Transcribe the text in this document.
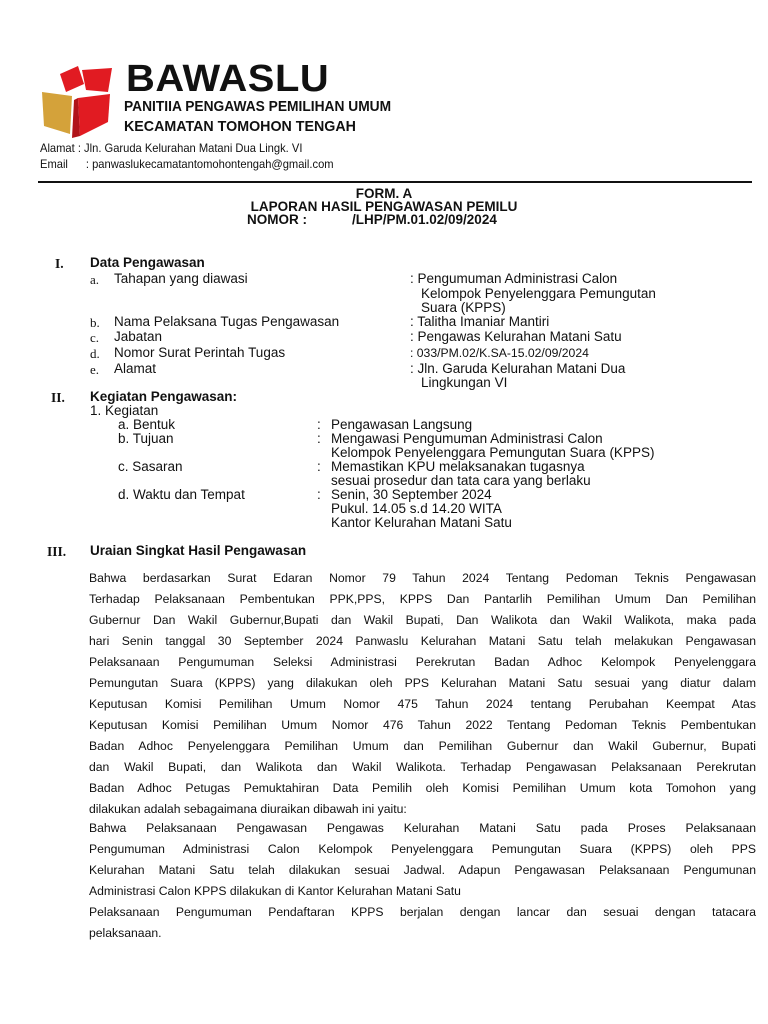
BAWASLU
PANITIIA PENGAWAS PEMILIHAN UMUM
KECAMATAN TOMOHON TENGAH
Alamat : Jln. Garuda Kelurahan Matani Dua Lingk. VI
Email : panwaslukecamatantomohontengah@gmail.com
FORM. A
LAPORAN HASIL PENGAWASAN PEMILU
NOMOR :	/LHP/PM.01.02/09/2024
I. Data Pengawasan
a. Tahapan yang diawasi	: Pengumuman Administrasi Calon
Kelompok Penyelenggara Pemungutan
Suara (KPPS)
b. Nama Pelaksana Tugas Pengawasan	: Talitha Imaniar Mantiri
c. Jabatan	: Pengawas Kelurahan Matani Satu
d. Nomor Surat Perintah Tugas	: 033/PM.02/K.SA-15.02/09/2024
e. Alamat	: Jln. Garuda Kelurahan Matani Dua
Lingkungan VI
II. Kegiatan Pengawasan:
1. Kegiatan
a. Bentuk	: Pengawasan Langsung
b. Tujuan	: Mengawasi Pengumuman Administrasi Calon
Kelompok Penyelenggara Pemungutan Suara (KPPS)
c. Sasaran	: Memastikan KPU melaksanakan tugasnya
sesuai prosedur dan tata cara yang berlaku
d. Waktu dan Tempat	: Senin, 30 September 2024
Pukul. 14.05 s.d 14.20 WITA
Kantor Kelurahan Matani Satu
III. Uraian Singkat Hasil Pengawasan
Bahwa berdasarkan Surat Edaran Nomor 79 Tahun 2024 Tentang Pedoman Teknis Pengawasan
Terhadap Pelaksanaan Pembentukan PPK,PPS, KPPS Dan Pantarlih Pemilihan Umum Dan Pemilihan
Gubernur Dan Wakil Gubernur,Bupati dan Wakil Bupati, Dan Walikota dan Wakil Walikota, maka pada
hari Senin tanggal 30 September 2024 Panwaslu Kelurahan Matani Satu telah melakukan Pengawasan
Pelaksanaan Pengumuman Seleksi Administrasi Perekrutan Badan Adhoc Kelompok Penyelenggara
Pemungutan Suara (KPPS) yang dilakukan oleh PPS Kelurahan Matani Satu sesuai yang diatur dalam
Keputusan Komisi Pemilihan Umum Nomor 475 Tahun 2024 tentang Perubahan Keempat Atas
Keputusan Komisi Pemilihan Umum Nomor 476 Tahun 2022 Tentang Pedoman Teknis Pembentukan
Badan Adhoc Penyelenggara Pemilihan Umum dan Pemilihan Gubernur dan Wakil Gubernur, Bupati
dan Wakil Bupati, dan Walikota dan Wakil Walikota. Terhadap Pengawasan Pelaksanaan Perekrutan
Badan Adhoc Petugas Pemuktahiran Data Pemilih oleh Komisi Pemilihan Umum kota Tomohon yang
dilakukan adalah sebagaimana diuraikan dibawah ini yaitu:
Bahwa Pelaksanaan Pengawasan Pengawas Kelurahan Matani Satu pada Proses Pelaksanaan
Pengumuman Administrasi Calon Kelompok Penyelenggara Pemungutan Suara (KPPS) oleh PPS
Kelurahan Matani Satu telah dilakukan sesuai Jadwal. Adapun Pengawasan Pelaksanaan Pengumunan
Administrasi Calon KPPS dilakukan di Kantor Kelurahan Matani Satu
Pelaksanaan Pengumuman Pendaftaran KPPS berjalan dengan lancar dan sesuai dengan tatacara
pelaksanaan.
